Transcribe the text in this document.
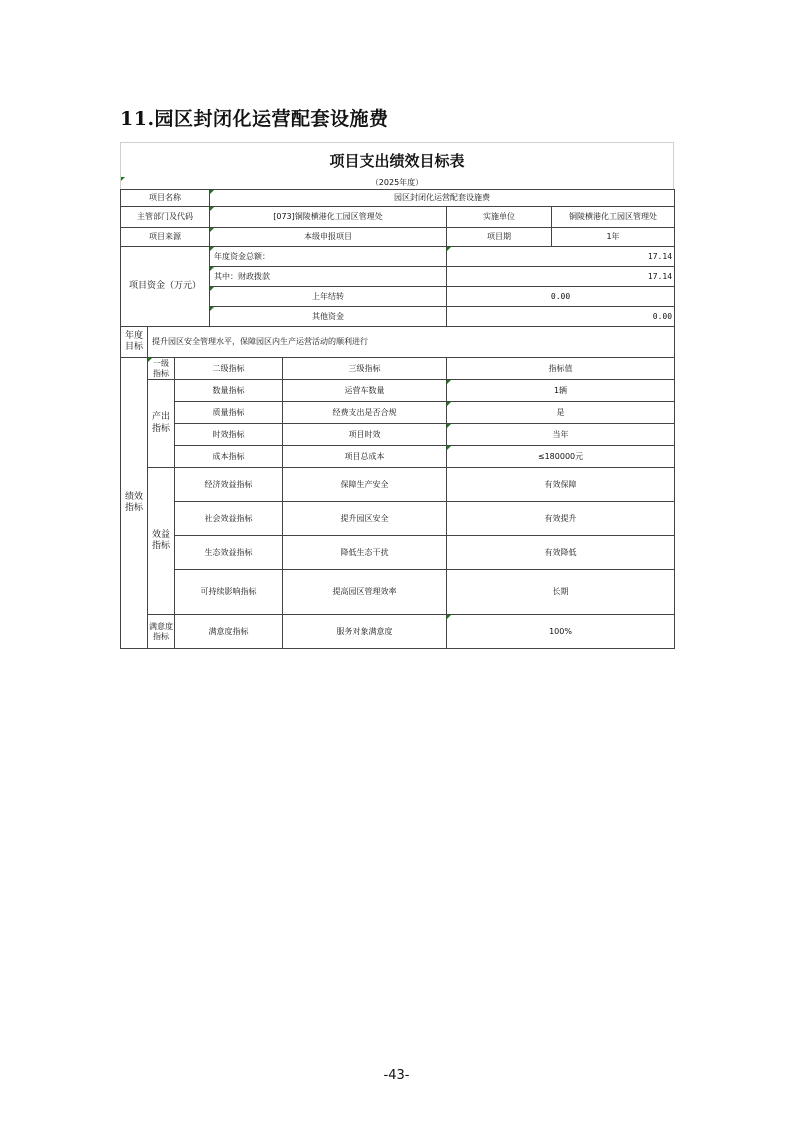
11.园区封闭化运营配套设施费
项目支出绩效目标表
（2025年度）
项目名称			园区封闭化运营配套设施费			
主管部门及代码			[073]铜陵横港化工园区管理处		实施单位	铜陵横港化工园区管理处
项目来源			本级申报项目		项目期	1年
项目资金（万元）			年度资金总额：		17.14	
			其中：财政拨款		17.14	
			上年结转		0.00	
			其他资金		0.00	
年度目标	提升园区安全管理水平，保障园区内生产运营活动的顺利进行					
绩效指标	一级指标	二级指标		三级指标	指标值	
	产出指标	数量指标		运营车数量	1辆	
		质量指标		经费支出是否合规	是	
		时效指标		项目时效	当年	
		成本指标		项目总成本	≤180000元	
	效益指标	经济效益指标		保障生产安全	有效保障	
		社会效益指标		提升园区安全	有效提升	
		生态效益指标		降低生态干扰	有效降低	
		可持续影响指标		提高园区管理效率	长期	
	满意度指标	满意度指标		服务对象满意度	100%	
-43-
